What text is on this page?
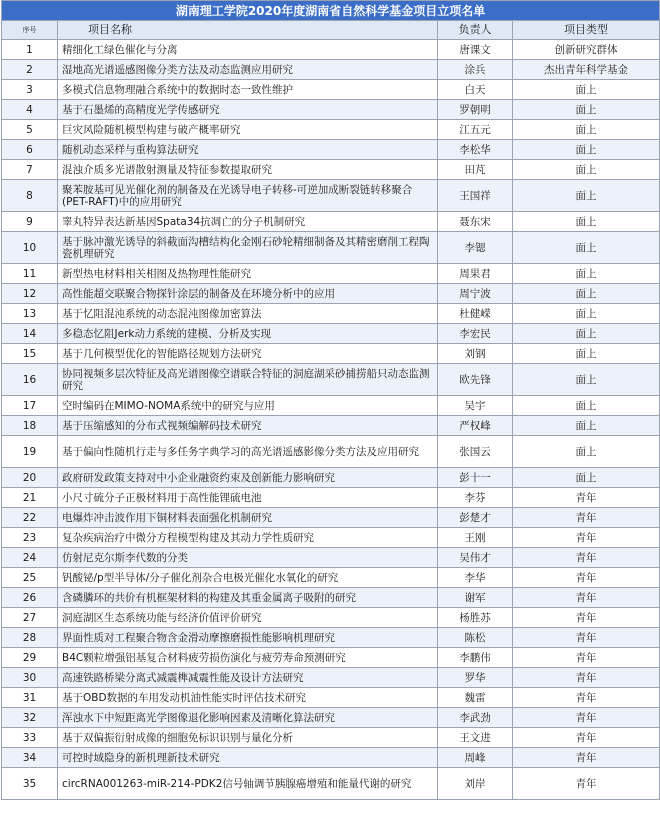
湖南理工学院2020年度湖南省自然科学基金项目立项名单			
序号	项目名称	负责人	项目类型
1	精细化工绿色催化与分离	唐课文	创新研究群体
2	湿地高光谱遥感图像分类方法及动态监测应用研究	涂兵	杰出青年科学基金
3	多模式信息物理融合系统中的数据时态一致性维护	白天	面上
4	基于石墨烯的高精度光学传感研究	罗朝明	面上
5	巨灾风险随机模型构建与破产概率研究	江五元	面上
6	随机动态采样与重构算法研究	李松华	面上
7	混浊介质多光谱散射测量及特征参数提取研究	田芃	面上
8	聚苯胺基可见光催化剂的制备及在光诱导电子转移-可逆加成断裂链转移聚合(PET-RAFT)中的应用研究	王国祥	面上
9	睾丸特异表达新基因Spata34抗凋亡的分子机制研究	聂东宋	面上
10	基于脉冲激光诱导的斜截面沟槽结构化金刚石砂轮精细制备及其精密磨削工程陶瓷机理研究	李锶	面上
11	新型热电材料相关相图及热物理性能研究	周果君	面上
12	高性能超交联聚合物探针涂层的制备及在环境分析中的应用	周宁波	面上
13	基于忆阻混沌系统的动态混沌图像加密算法	杜健嵘	面上
14	多稳态忆阻Jerk动力系统的建模、分析及实现	李宏民	面上
15	基于几何模型优化的智能路径规划方法研究	刘钢	面上
16	协同视频多层次特征及高光谱图像空谱联合特征的洞庭湖采砂捕捞船只动态监测研究	欧先锋	面上
17	空时编码在MIMO-NOMA系统中的研究与应用	吴宇	面上
18	基于压缩感知的分布式视频编解码技术研究	严权峰	面上
19	基于偏向性随机行走与多任务字典学习的高光谱遥感影像分类方法及应用研究	张国云	面上
20	政府研发政策支持对中小企业融资约束及创新能力影响研究	彭十一	面上
21	小尺寸硫分子正极材料用于高性能锂硫电池	李芬	青年
22	电爆炸冲击波作用下铜材料表面强化机制研究	彭楚才	青年
23	复杂疾病治疗中微分方程模型构建及其动力学性质研究	王刚	青年
24	仿射尼克尔斯李代数的分类	吴伟才	青年
25	钒酸铋/p型半导体/分子催化剂杂合电极光催化水氧化的研究	李华	青年
26	含磷膦环的共价有机框架材料的构建及其重金属离子吸附的研究	谢军	青年
27	洞庭湖区生态系统功能与经济价值评价研究	杨胜苏	青年
28	界面性质对工程聚合物含金滑动摩擦磨损性能影响机理研究	陈松	青年
29	B4C颗粒增强铝基复合材料疲劳损伤演化与疲劳寿命预测研究	李鹏伟	青年
30	高速铁路桥梁分离式减震榫减震性能及设计方法研究	罗华	青年
31	基于OBD数据的车用发动机油性能实时评估技术研究	魏雷	青年
32	浑浊水下中短距离光学图像退化影响因素及清晰化算法研究	李武劲	青年
33	基于双偏振衍射成像的细胞免标识识别与量化分析	王文进	青年
34	可控时域隐身的新机理新技术研究	周峰	青年
35	circRNA001263-miR-214-PDK2信号轴调节胰腺癌增殖和能量代谢的研究	刘岸	青年
